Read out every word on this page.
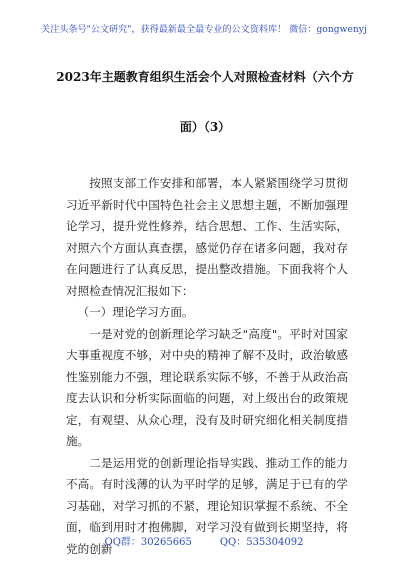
关注头条号"公文研究"，获得最新最全最专业的公文资料库！ 微信：gongwenyj
2023年主题教育组织生活会个人对照检查材料（六个方
面）（3）

按照支部工作安排和部署，本人紧紧围绕学习贯彻习近平新时代中国特色社会主义思想主题，不断加强理论学习，提升党性修养，结合思想、工作、生活实际，对照六个方面认真查摆，感觉仍存在诸多问题，我对存在问题进行了认真反思，提出整改措施。下面我将个人对照检查情况汇报如下：

（一）理论学习方面。

一是对党的创新理论学习缺乏"高度"。平时对国家大事重视度不够，对中央的精神了解不及时，政治敏感性鉴别能力不强，理论联系实际不够，不善于从政治高度去认识和分析实际面临的问题，对上级出台的政策规定，有观望、从众心理，没有及时研究细化相关制度措施。

二是运用党的创新理论指导实践、推动工作的能力不高。有时浅薄的认为平时学的足够，满足于已有的学习基础，对学习抓的不紧，理论知识掌握不系统、不全面，临到用时才抱佛脚，对学习没有做到长期坚持，将党的创新

QQ群：30265665	QQ：535304092
